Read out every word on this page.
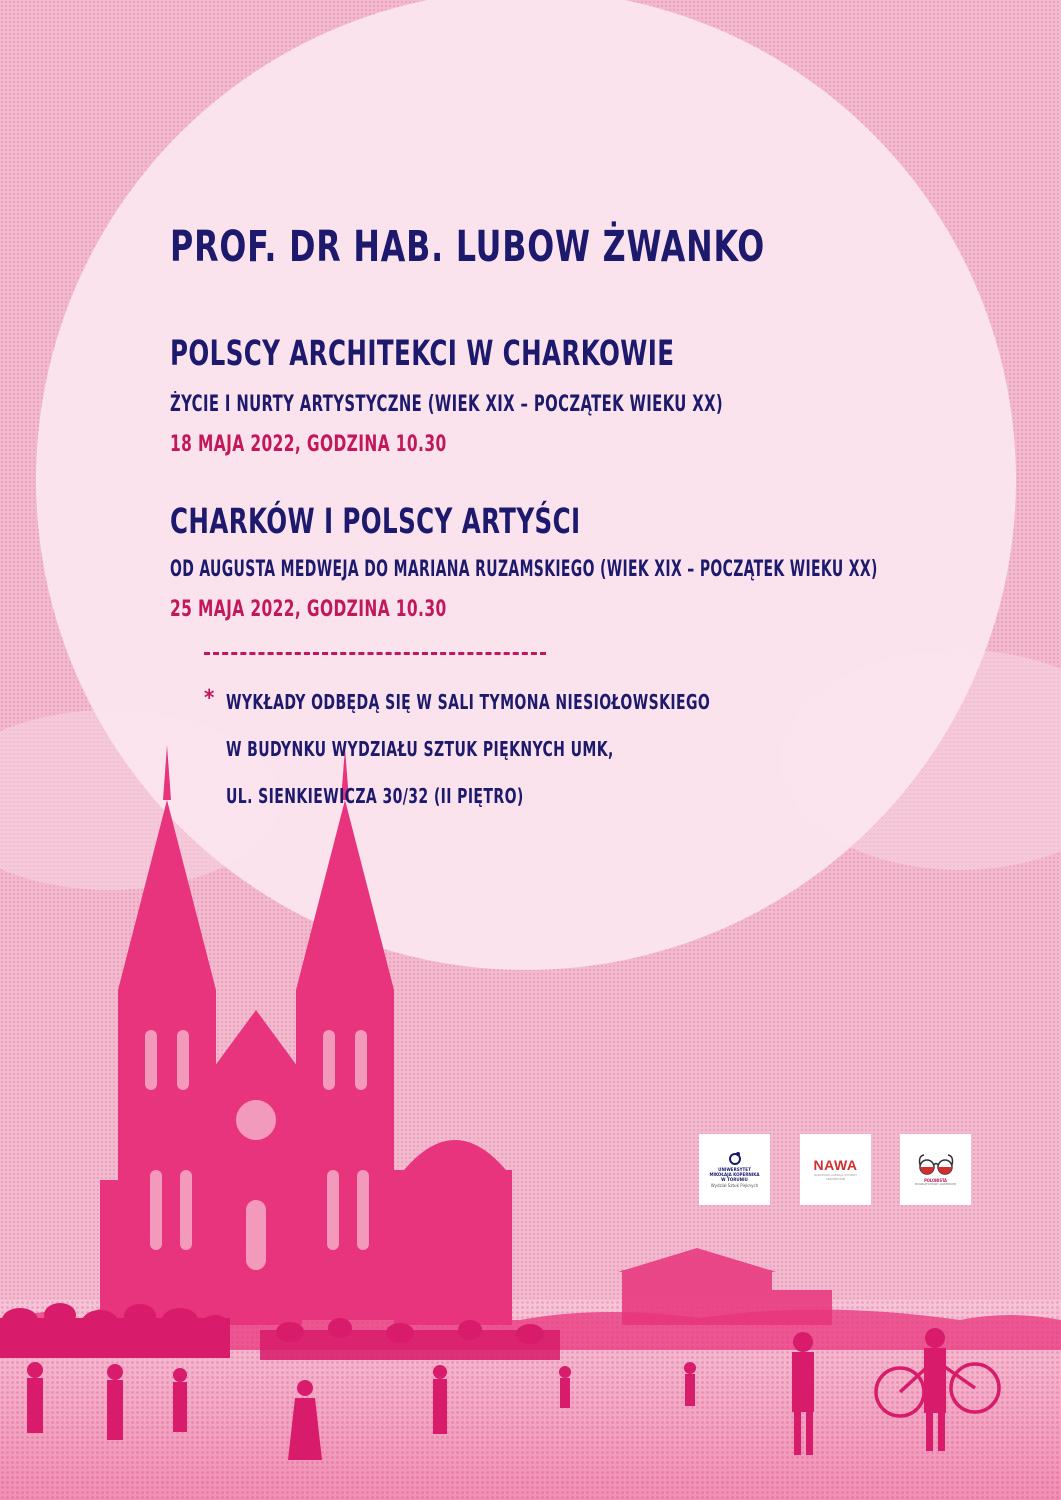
PROF. DR HAB. LUBOW ŻWANKO
POLSCY ARCHITEKCI W CHARKOWIE
ŻYCIE I NURTY ARTYSTYCZNE (WIEK XIX – POCZĄTEK WIEKU XX)
18 MAJA 2022, GODZINA 10.30
CHARKÓW I POLSCY ARTYŚCI
OD AUGUSTA MEDWEJA DO MARIANA RUZAMSKIEGO (WIEK XIX – POCZĄTEK WIEKU XX)
25 MAJA 2022, GODZINA 10.30
* WYKŁADY ODBĘDĄ SIĘ W SALI TYMONA NIESIOŁOWSKIEGO
W BUDYNKU WYDZIAŁU SZTUK PIĘKNYCH UMK,
UL. SIENKIEWICZA 30/32 (II PIĘTRO)
UNIWERSYTET
MIKOŁAJA KOPERNIKA
W TORUNIU
Wydział Sztuk Pięknych
NAWA
NARODOWA AGENCJA WYMIANY AKADEMICKIEJ	POLONISTA
PROGRAM WYMIANY AKADEMICKIEJ
